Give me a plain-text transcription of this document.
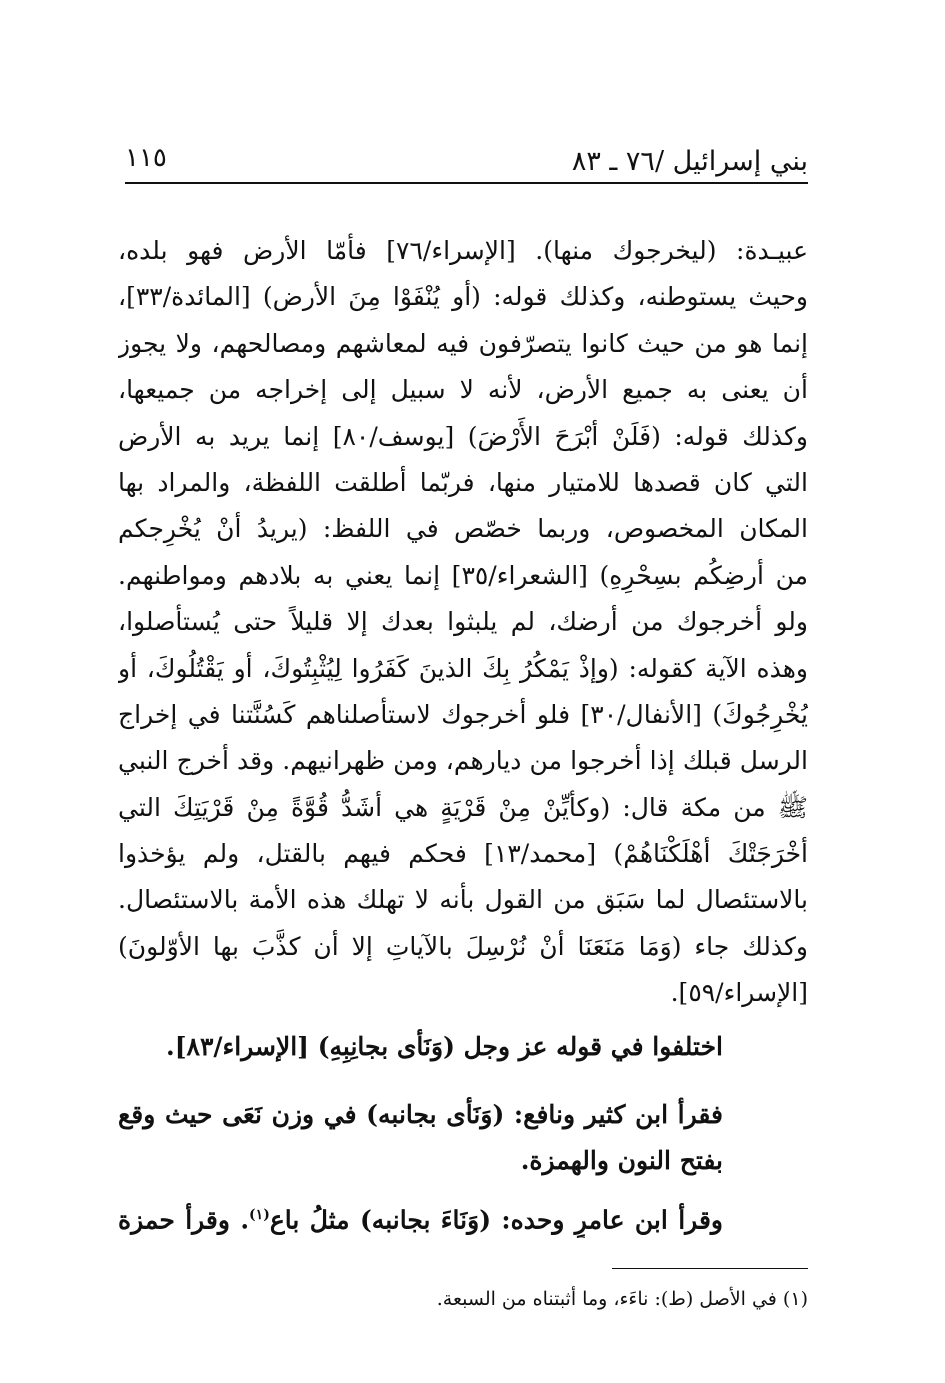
بني إسرائيل /٧٦ ـ ٨٣
١١٥
عبيـدة: (ليخرجوك منها). [الإسراء/٧٦] فأمّا الأرض فهو بلده،
وحيث يستوطنه، وكذلك قوله: (أو يُنْفَوْا مِنَ الأرض) [المائدة/٣٣]،
إنما هو من حيث كانوا يتصرّفون فيه لمعاشهم ومصالحهم، ولا يجوز
أن يعنى به جميع الأرض، لأنه لا سبيل إلى إخراجه من جميعها،
وكذلك قوله: (فَلَنْ أبْرَحَ الأَرْضَ) [يوسف/٨٠] إنما يريد به الأرض
التي كان قصدها للامتيار منها، فربّما أطلقت اللفظة، والمراد بها
المكان المخصوص، وربما خصّص في اللفظ: (يريدُ أنْ يُخْرِجكم
من أرضِكُم بسِحْرِهِ) [الشعراء/٣٥] إنما يعني به بلادهم ومواطنهم.
ولو أخرجوك من أرضك، لم يلبثوا بعدك إلا قليلاً حتى يُستأصلوا،
وهذه الآية كقوله: (وإذْ يَمْكُرُ بِكَ الذينَ كَفَرُوا لِيُثْبِتُوكَ، أو يَقْتُلُوكَ، أو
يُخْرِجُوكَ) [الأنفال/٣٠] فلو أخرجوك لاستأصلناهم كَسُنَّتنا في إخراج
الرسل قبلك إذا أخرجوا من ديارهم، ومن ظهرانيهم. وقد أخرج النبي
ﷺ من مكة قال: (وكأيِّنْ مِنْ قَرْيَةٍ هي أشَدُّ قُوَّةً مِنْ قَرْيَتِكَ التي
أخْرَجَتْكَ أهْلَكْنَاهُمْ) [محمد/١٣] فحكم فيهم بالقتل، ولم يؤخذوا
بالاستئصال لما سَبَق من القول بأنه لا تهلك هذه الأمة بالاستئصال.
وكذلك جاء (وَمَا مَنَعَنَا أنْ نُرْسِلَ بالآياتِ إلا أن كذَّبَ بها الأوّلونَ)
[الإسراء/٥٩].
اختلفوا في قوله عز وجل (وَنَأى بجانِبِهِ) [الإسراء/٨٣].
فقرأ ابن كثير ونافع: (وَنَأى بجانبه) في وزن نَعَى حيث وقع
بفتح النون والهمزة.
وقرأ ابن عامرٍ وحده: (وَنَاءَ بجانبه) مثلُ باع$^{(١)}$. وقرأ حمزة
(١) في الأصل (ط): ناءَء، وما أثبتناه من السبعة.
